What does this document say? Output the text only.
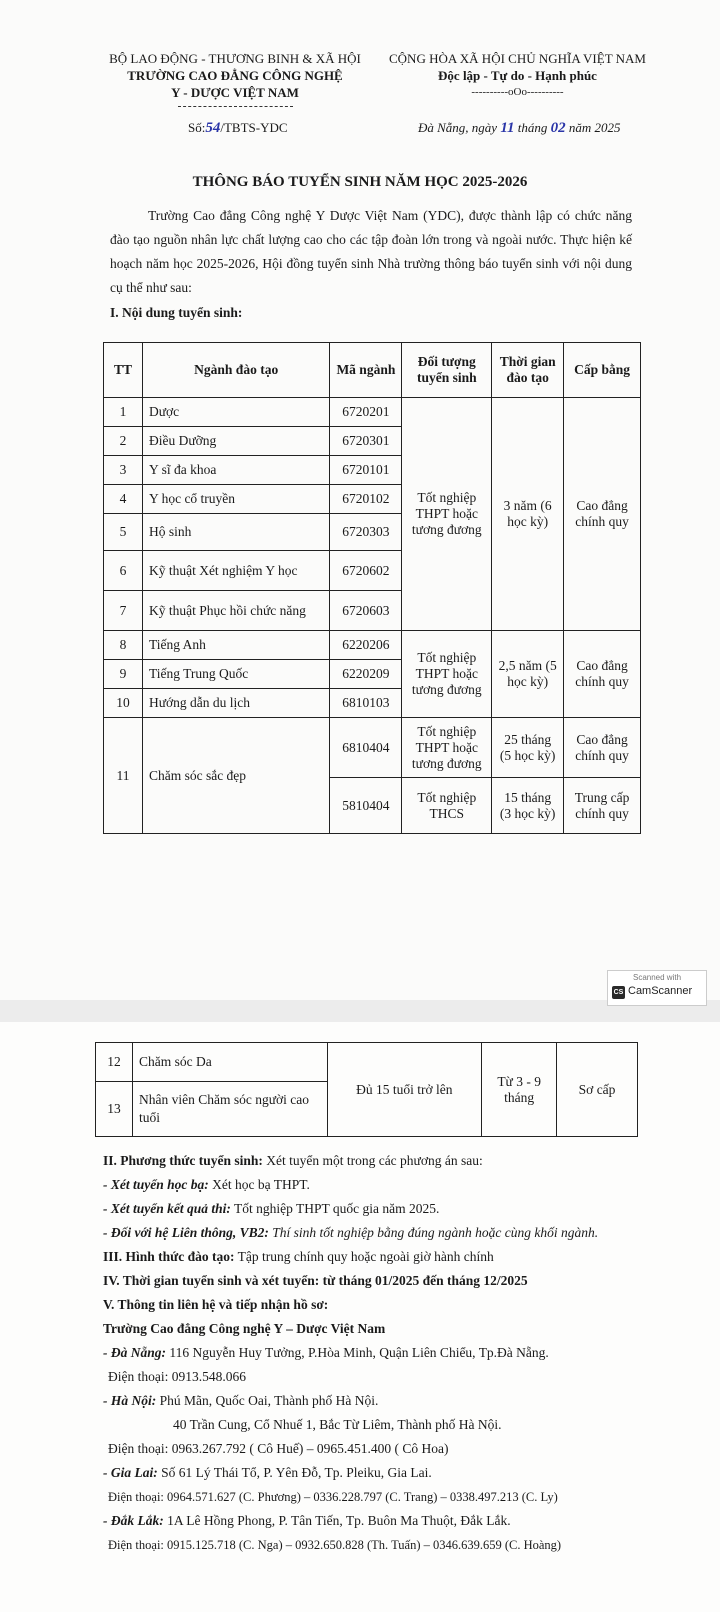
BỘ LAO ĐỘNG - THƯƠNG BINH & XÃ HỘI
TRƯỜNG CAO ĐẲNG CÔNG NGHỆ
Y - DƯỢC VIỆT NAM
Số:54/TBTS-YDC
CỘNG HÒA XÃ HỘI CHỦ NGHĨA VIỆT NAM
Độc lập - Tự do - Hạnh phúc
----------oOo----------
Đà Nẵng, ngày 11 tháng 02 năm 2025
THÔNG BÁO TUYỂN SINH NĂM HỌC 2025-2026
Trường Cao đẳng Công nghệ Y Dược Việt Nam (YDC), được thành lập có chức năng đào tạo nguồn nhân lực chất lượng cao cho các tập đoàn lớn trong và ngoài nước. Thực hiện kế hoạch năm học 2025-2026, Hội đồng tuyển sinh Nhà trường thông báo tuyển sinh với nội dung cụ thể như sau:
I. Nội dung tuyển sinh:
TT	Ngành đào tạo	Mã ngành	Đối tượng tuyển sinh	Thời gian đào tạo	Cấp bằng
1	Dược	6720201	Tốt nghiệp THPT hoặc tương đương	3 năm (6 học kỳ)	Cao đẳng chính quy
2	Điều Dưỡng	6720301			
3	Y sĩ đa khoa	6720101			
4	Y học cổ truyền	6720102			
5	Hộ sinh	6720303			
6	Kỹ thuật Xét nghiệm Y học	6720602			
7	Kỹ thuật Phục hồi chức năng	6720603			
8	Tiếng Anh	6220206	Tốt nghiệp THPT hoặc tương đương	2,5 năm (5 học kỳ)	Cao đẳng chính quy
9	Tiếng Trung Quốc	6220209			
10	Hướng dẫn du lịch	6810103			
11	Chăm sóc sắc đẹp	6810404	Tốt nghiệp THPT hoặc tương đương	25 tháng (5 học kỳ)	Cao đẳng chính quy
		5810404	Tốt nghiệp THCS	15 tháng (3 học kỳ)	Trung cấp chính quy
Scanned with
CS CamScanner
12	Chăm sóc Da	Đủ 15 tuổi trở lên	Từ 3 - 9 tháng	Sơ cấp
13	Nhân viên Chăm sóc người cao tuổi			
II. Phương thức tuyển sinh: Xét tuyển một trong các phương án sau:
- Xét tuyển học bạ: Xét học bạ THPT.
- Xét tuyển kết quả thi: Tốt nghiệp THPT quốc gia năm 2025.
- Đối với hệ Liên thông, VB2: Thí sinh tốt nghiệp bằng đúng ngành hoặc cùng khối ngành.
III. Hình thức đào tạo: Tập trung chính quy hoặc ngoài giờ hành chính
IV. Thời gian tuyển sinh và xét tuyển: từ tháng 01/2025 đến tháng 12/2025
V. Thông tin liên hệ và tiếp nhận hồ sơ:
Trường Cao đẳng Công nghệ Y – Dược Việt Nam
- Đà Nẵng: 116 Nguyễn Huy Tưởng, P.Hòa Minh, Quận Liên Chiểu, Tp.Đà Nẵng.
Điện thoại: 0913.548.066
- Hà Nội: Phú Mãn, Quốc Oai, Thành phố Hà Nội.
40 Trần Cung, Cổ Nhuế 1, Bắc Từ Liêm, Thành phố Hà Nội.
Điện thoại: 0963.267.792 ( Cô Huế) – 0965.451.400 ( Cô Hoa)
- Gia Lai: Số 61 Lý Thái Tổ, P. Yên Đỗ, Tp. Pleiku, Gia Lai.
Điện thoại: 0964.571.627 (C. Phương) – 0336.228.797 (C. Trang) – 0338.497.213 (C. Ly)
- Đắk Lắk: 1A Lê Hồng Phong, P. Tân Tiến, Tp. Buôn Ma Thuột, Đắk Lắk.
Điện thoại: 0915.125.718 (C. Nga) – 0932.650.828 (Th. Tuấn) – 0346.639.659 (C. Hoàng)
